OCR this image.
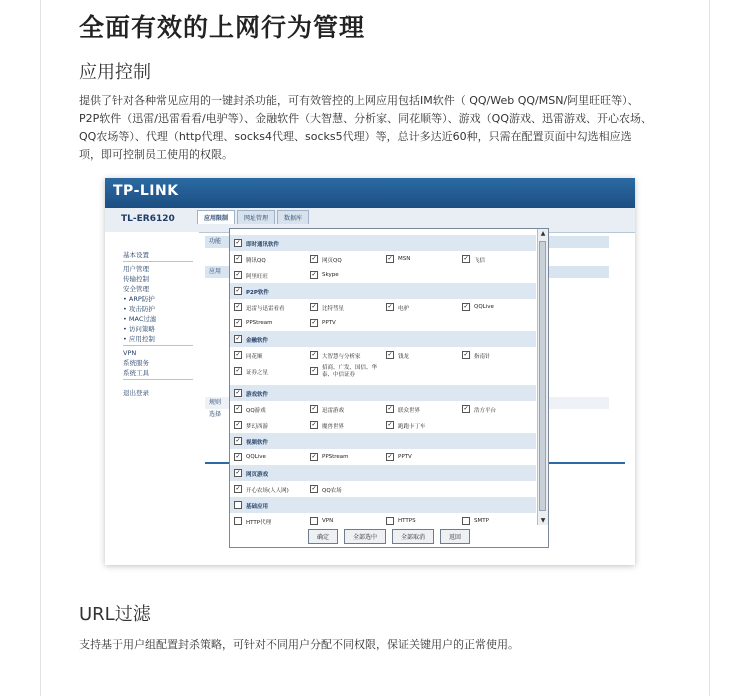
全面有效的上网行为管理
应用控制
提供了针对各种常见应用的一键封杀功能，可有效管控的上网应用包括IM软件（ QQ/Web QQ/MSN/阿里旺旺等）、P2P软件（迅雷/迅雷看看/电驴等）、金融软件（大智慧、分析家、同花顺等）、游戏（QQ游戏、迅雷游戏、开心农场、QQ农场等）、代理（http代理、socks4代理、socks5代理）等，总计多达近60种，只需在配置页面中勾选相应选项，即可控制员工使用的权限。
TP-LINK
TL-ER6120	应用限制	网址管理	数据库
基本设置
用户管理
传输控制
安全管理
• ARP防护
• 攻击防护
• MAC过滤
• 访问策略
• 应用控制
VPN
系统服务
系统工具
退出登录
功能
应用
规则
选择
▲
▼
确定	全部选中	全部取消	返回
✓ 即时通讯软件
✓ 腾讯QQ	✓ 网页QQ	✓ MSN	✓ 飞信
✓ 阿里旺旺	✓ Skype
✓ P2P软件
✓ 迅雷与迅雷看看	✓ 比特彗星	✓ 电驴	✓ QQLive
✓ PPStream	✓ PPTV
✓ 金融软件
✓ 同花顺	✓ 大智慧与分析家	✓ 钱龙	✓ 指南针
✓ 证券之星	✓ 招商、广发、国信、华泰、中信证券
✓ 游戏软件
✓ QQ游戏	✓ 迅雷游戏	✓ 联众世界	✓ 浩方平台
✓ 梦幻西游	✓ 魔兽世界	✓ 跑跑卡丁车
✓ 视频软件
✓ QQLive	✓ PPStream	✓ PPTV
✓ 网页游戏
✓ 开心农场(人人网)	✓ QQ农场
基础应用
HTTP代理	VPN	HTTPS	SMTP
URL过滤
支持基于用户组配置封杀策略，可针对不同用户分配不同权限，保证关键用户的正常使用。
